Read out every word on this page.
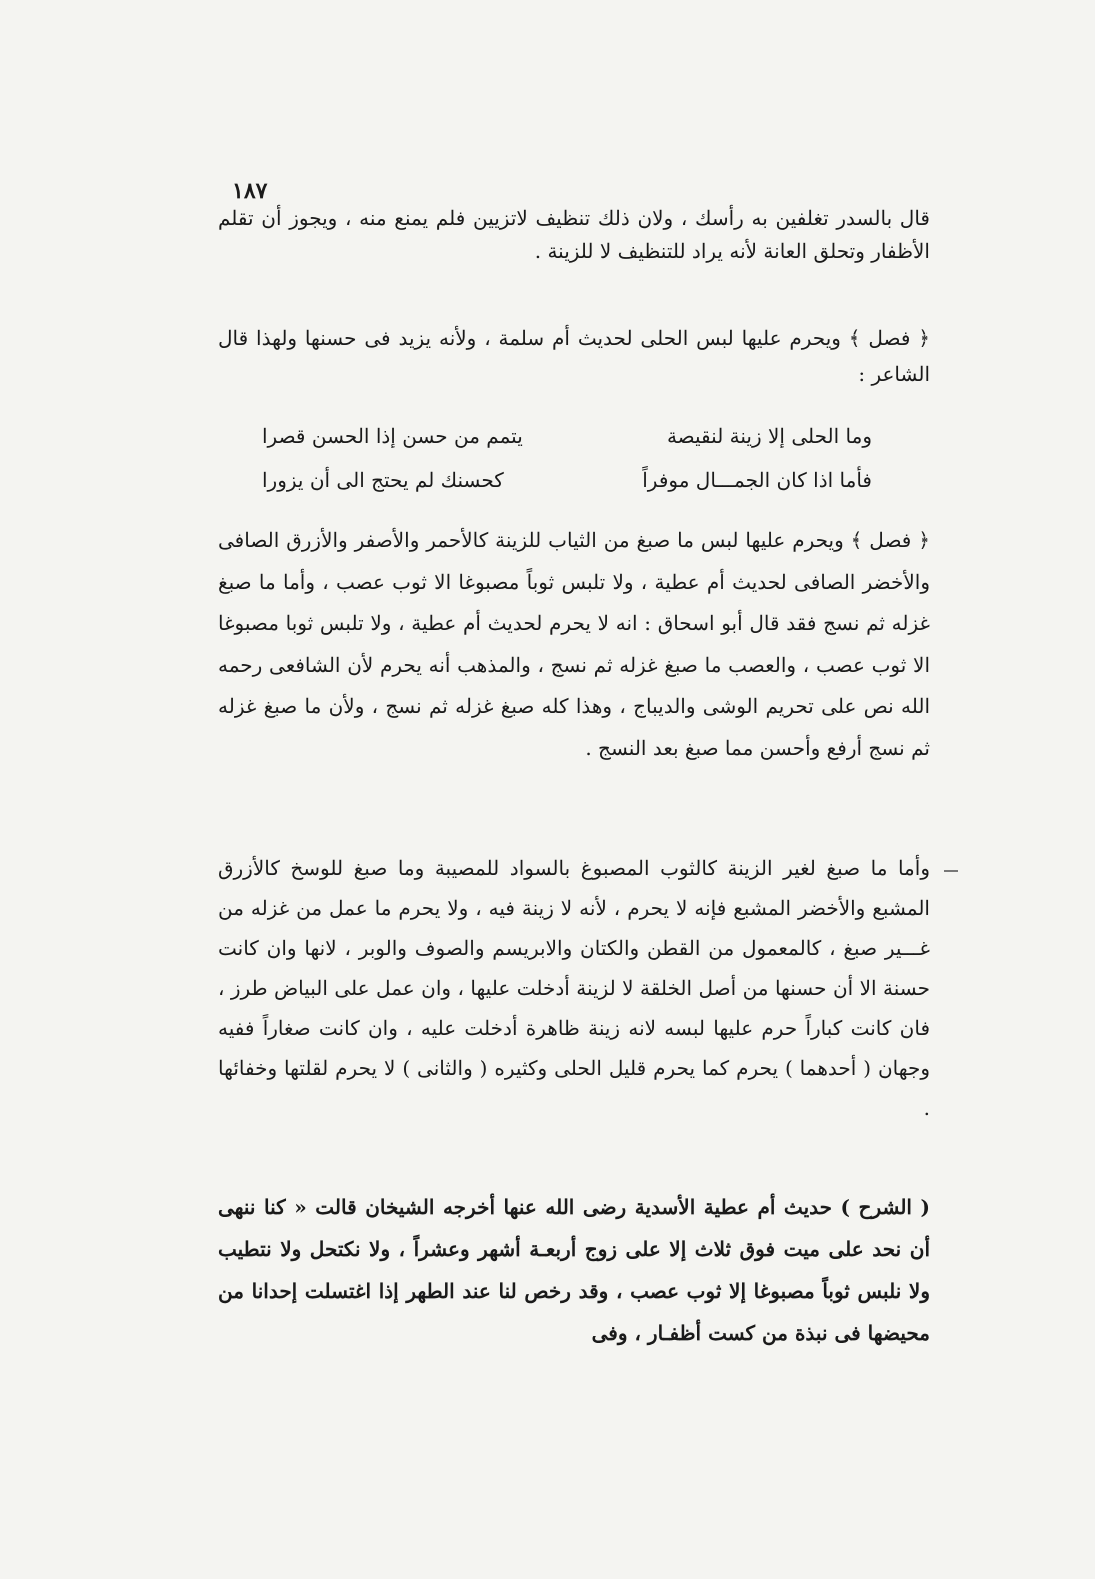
١٨٧

قال بالسدر تغلفين به رأسك ، ولان ذلك تنظيف لاتزيين فلم يمنع منه ، ويجوز أن تقلم الأظفار وتحلق العانة لأنه يراد للتنظيف لا للزينة .

﴿ فصل ﴾ ويحرم عليها لبس الحلى لحديث أم سلمة ، ولأنه يزيد فى حسنها ولهذا قال الشاعر :

وما الحلى إلا زينة لنقيصة
يتمم من حسن إذا الحسن قصرا
فأما اذا كان الجمـــال موفراً
كحسنك لم يحتج الى أن يزورا

﴿ فصل ﴾ ويحرم عليها لبس ما صبغ من الثياب للزينة كالأحمر والأصفر والأزرق الصافى والأخضر الصافى لحديث أم عطية ، ولا تلبس ثوباً مصبوغا الا ثوب عصب ، وأما ما صبغ غزله ثم نسج فقد قال أبو اسحاق : انه لا يحرم لحديث أم عطية ، ولا تلبس ثوبا مصبوغا الا ثوب عصب ، والعصب ما صبغ غزله ثم نسج ، والمذهب أنه يحرم لأن الشافعى رحمه الله نص على تحريم الوشى والديباج ، وهذا كله صبغ غزله ثم نسج ، ولأن ما صبغ غزله ثم نسج أرفع وأحسن مما صبغ بعد النسج .

وأما ما صبغ لغير الزينة كالثوب المصبوغ بالسواد للمصيبة وما صبغ للوسخ كالأزرق المشبع والأخضر المشبع فإنه لا يحرم ، لأنه لا زينة فيه ، ولا يحرم ما عمل من غزله من غـــير صبغ ، كالمعمول من القطن والكتان والابريسم والصوف والوبر ، لانها وان كانت حسنة الا أن حسنها من أصل الخلقة لا لزينة أدخلت عليها ، وان عمل على البياض طرز ، فان كانت كباراً حرم عليها لبسه لانه زينة ظاهرة أدخلت عليه ، وان كانت صغاراً ففيه وجهان ( أحدهما ) يحرم كما يحرم قليل الحلى وكثيره ( والثانى ) لا يحرم لقلتها وخفائها .

( الشرح ) حديث أم عطية الأسدية رضى الله عنها أخرجه الشيخان قالت « كنا ننهى أن نحد على ميت فوق ثلاث إلا على زوج أربعـة أشهر وعشراً ، ولا نكتحل ولا نتطيب ولا نلبس ثوباً مصبوغا إلا ثوب عصب ، وقد رخص لنا عند الطهر إذا اغتسلت إحدانا من محيضها فى نبذة من كست أظفـار ، وفى
